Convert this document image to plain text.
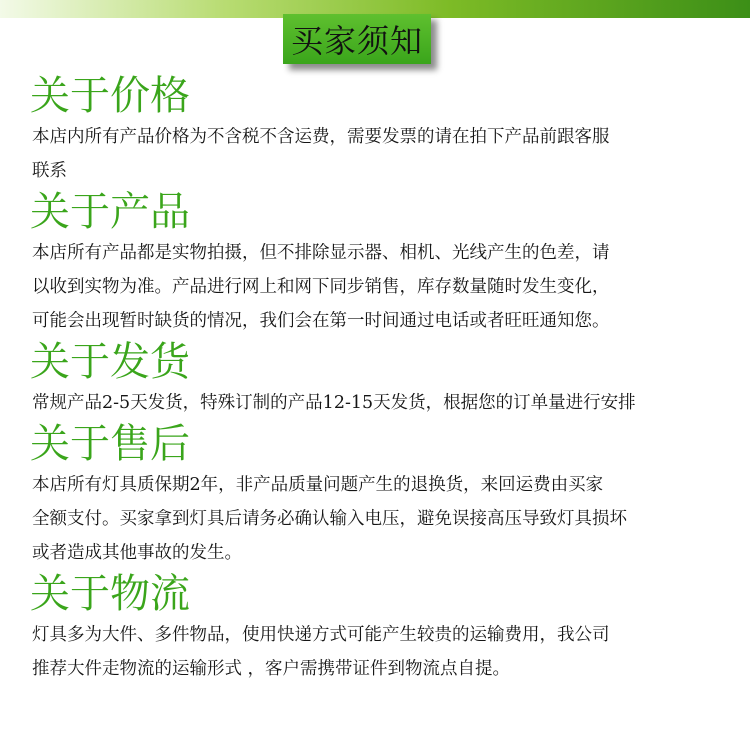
买家须知
关于价格

本店内所有产品价格为不含税不含运费，需要发票的请在拍下产品前跟客服

联系

关于产品

本店所有产品都是实物拍摄，但不排除显示器、相机、光线产生的色差，请

以收到实物为准。产品进行网上和网下同步销售，库存数量随时发生变化，

可能会出现暂时缺货的情况，我们会在第一时间通过电话或者旺旺通知您。

关于发货

常规产品2-5天发货，特殊订制的产品12-15天发货，根据您的订单量进行安排

关于售后

本店所有灯具质保期2年，非产品质量问题产生的退换货，来回运费由买家

全额支付。买家拿到灯具后请务必确认输入电压，避免误接高压导致灯具损坏

或者造成其他事故的发生。

关于物流

灯具多为大件、多件物品，使用快递方式可能产生较贵的运输费用，我公司

推荐大件走物流的运输形式 ，客户需携带证件到物流点自提。
